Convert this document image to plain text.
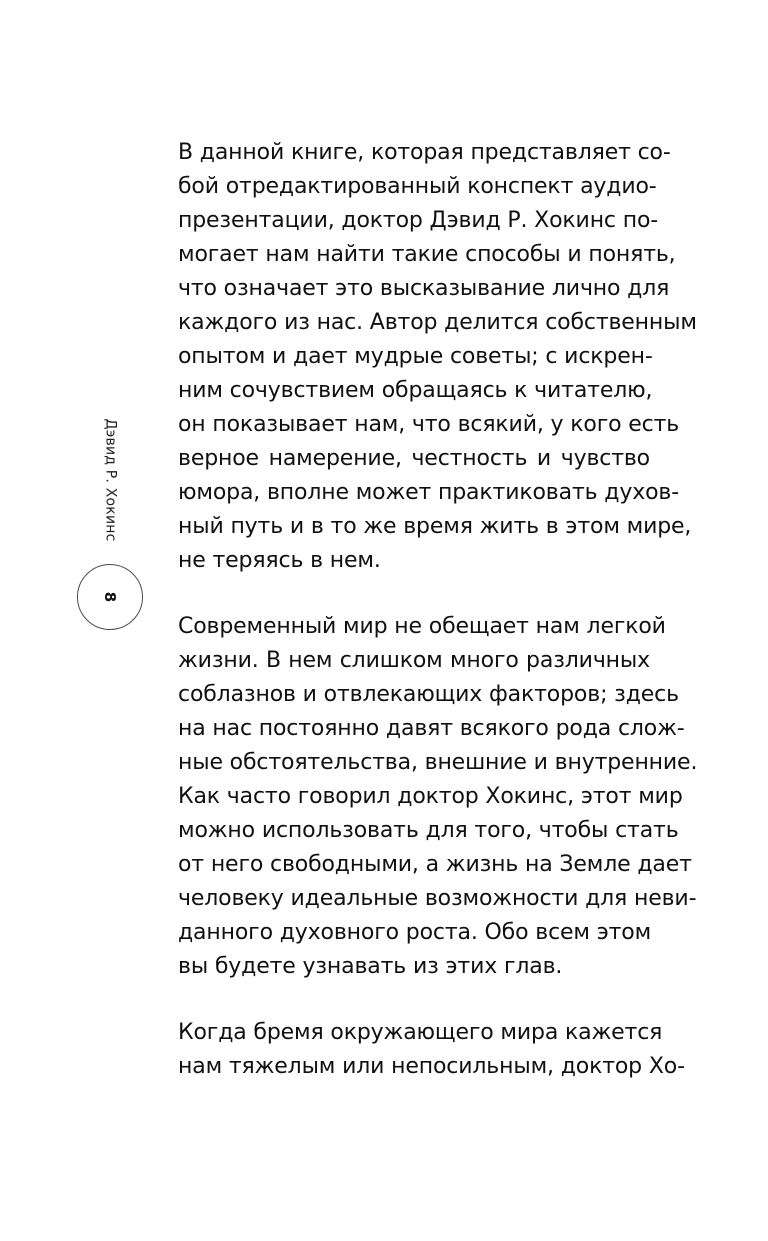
Дэвид Р. Хокинс
8
В данной книге, которая представляет со-
бой отредактированный конспект аудио-
презентации, доктор Дэвид Р. Хокинс по-
могает нам найти такие способы и понять,
что означает это высказывание лично для
каждого из нас. Автор делится собственным
опытом и дает мудрые советы; с искрен-
ним сочувствием обращаясь к читателю,
он показывает нам, что всякий, у кого есть
верное намерение, честность и чувство
юмора, вполне может практиковать духов-
ный путь и в то же время жить в этом мире,
не теряясь в нем.
Современный мир не обещает нам легкой
жизни. В нем слишком много различных
соблазнов и отвлекающих факторов; здесь
на нас постоянно давят всякого рода слож-
ные обстоятельства, внешние и внутренние.
Как часто говорил доктор Хокинс, этот мир
можно использовать для того, чтобы стать
от него свободными, а жизнь на Земле дает
человеку идеальные возможности для неви-
данного духовного роста. Обо всем этом
вы будете узнавать из этих глав.
Когда бремя окружающего мира кажется
нам тяжелым или непосильным, доктор Хо-
